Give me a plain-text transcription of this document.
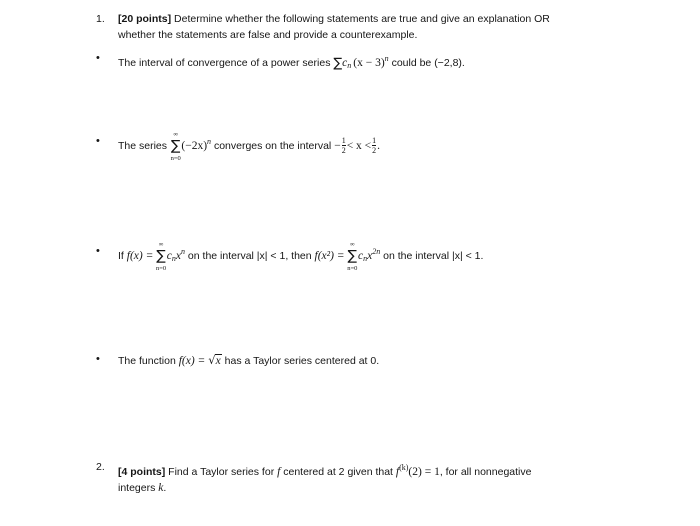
1.	[20 points] Determine whether the following statements are true and give an explanation OR
whether the statements are false and provide a counterexample.
•	The interval of convergence of a power series $\sum c_n$ $(x - 3)^n$ could be (−2,8).
•	The series
∞
∑
n=0
$(-2x)^n$ converges on the interval $-\frac{1}{2} < x <\frac{1}{2}$ .
•	If f(x) =
∞
∑
n=0
$c_nx^n$ on the interval |x| < 1, then f(x²) =
∞
∑
n=0
$c_nx^{2n}$ on the interval |x| < 1.
•	The function f(x) = √x has a Taylor series centered at 0.
2.	[4 points] Find a Taylor series for f centered at 2 given that $f^{(k)}(2) = 1$, for all nonnegative
integers k.
